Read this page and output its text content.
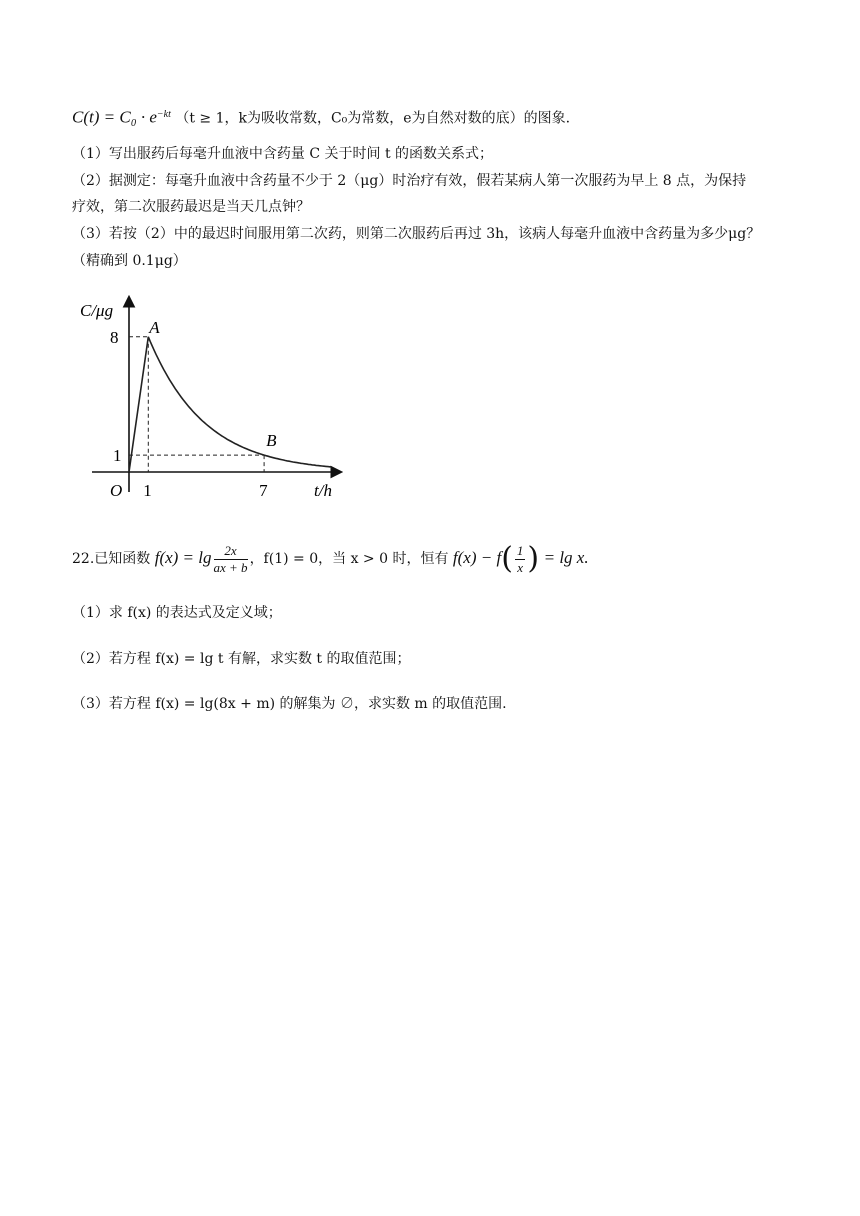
$C(t) = C_0 \cdot e^{-kt}$ （t ≥ 1，k为吸收常数，C₀为常数，e为自然对数的底）的图象.
（1）写出服药后每毫升血液中含药量 C 关于时间 t 的函数关系式；
（2）据测定：每毫升血液中含药量不少于 2（μg）时治疗有效，假若某病人第一次服药为早上 8 点，为保持
疗效，第二次服药最迟是当天几点钟？
（3）若按（2）中的最迟时间服用第二次药，则第二次服药后再过 3h，该病人每毫升血液中含药量为多少μg？
（精确到 0.1μg）
C/μg
t/h
O
8
1
1	7
A
B
22.已知函数 $f(x) = \lg \frac{2x}{ax + b}$ ，f(1) = 0，当 x > 0 时，恒有 $f(x) - f( \frac{1}{x}$ ) = lg x.
（1）求 f(x) 的表达式及定义域；
（2）若方程 f(x) = lg t 有解，求实数 t 的取值范围；
（3）若方程 f(x) = lg(8x + m) 的解集为 ∅，求实数 m 的取值范围.
